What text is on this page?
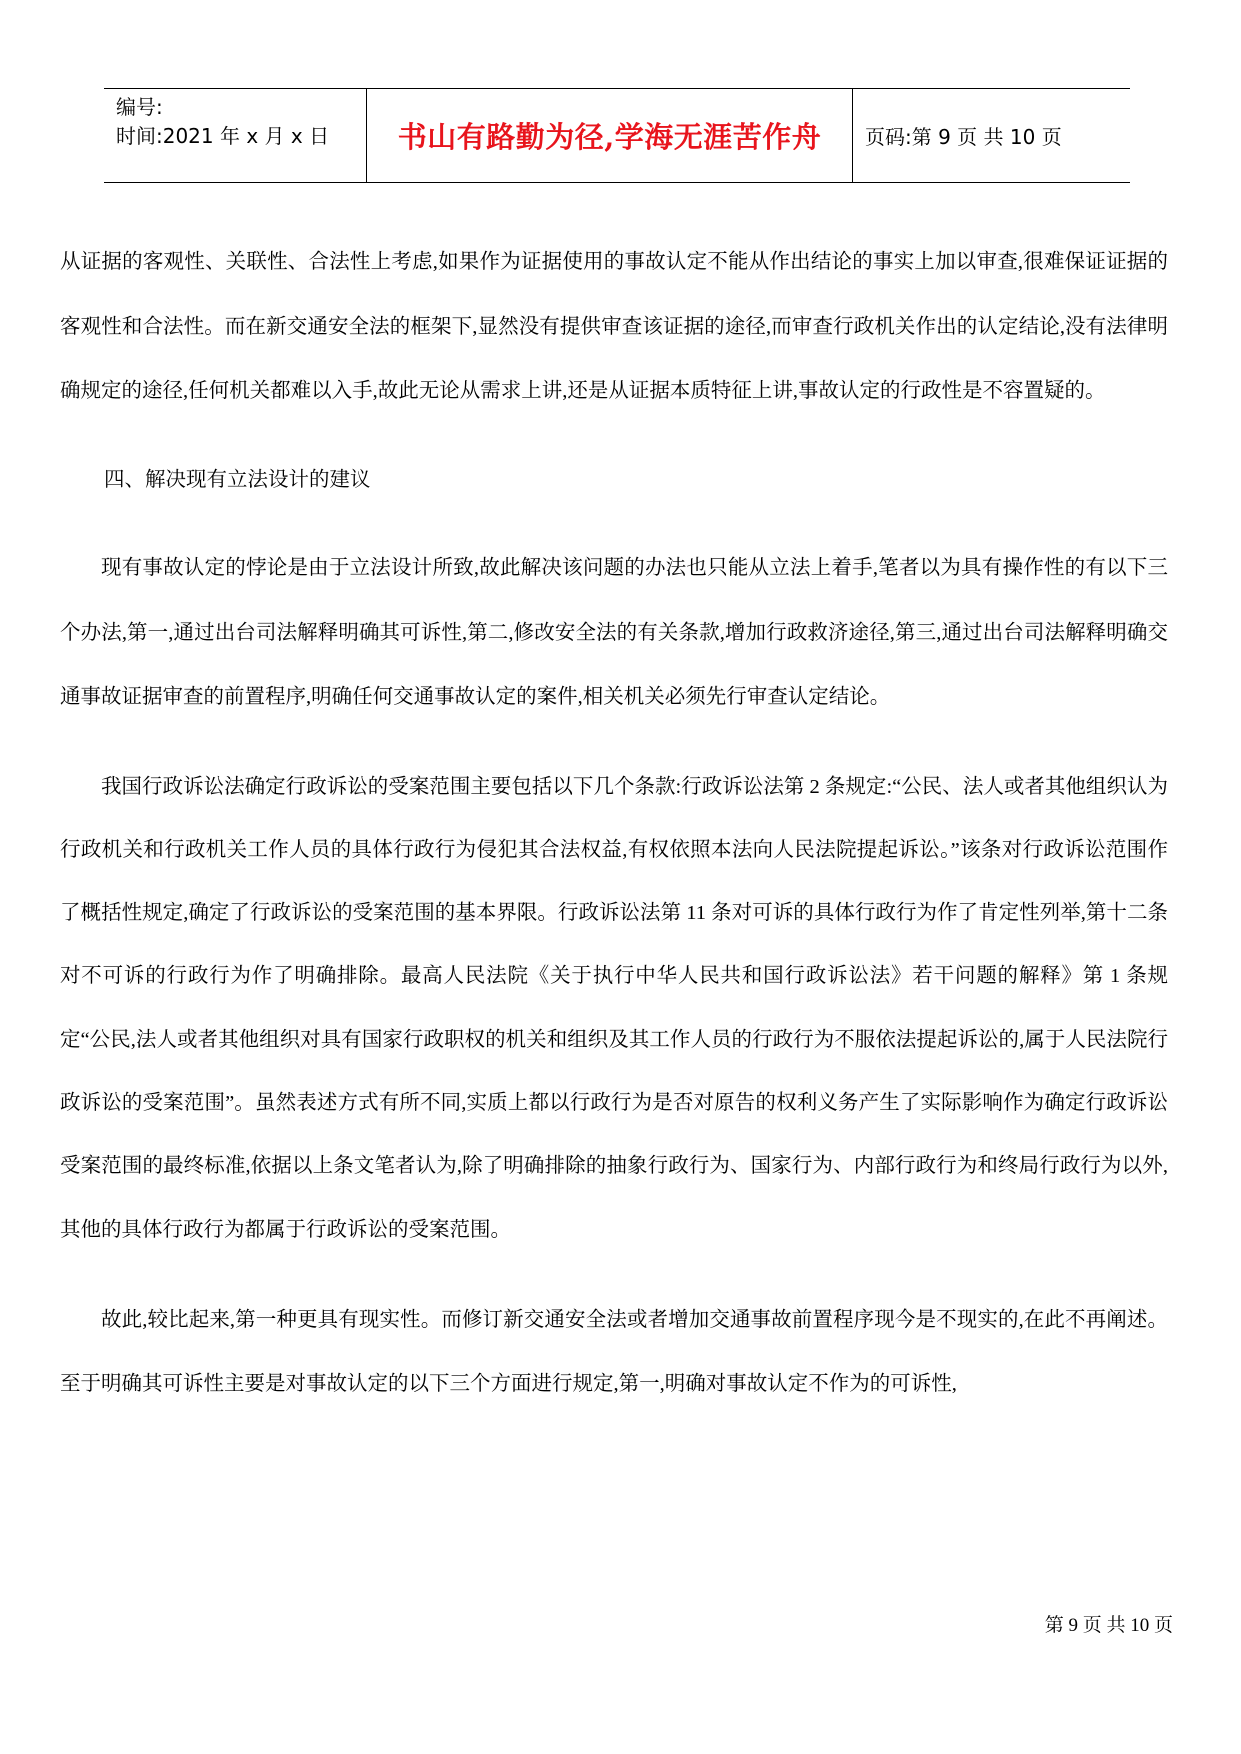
编号:
时间:2021 年 x 月 x 日 书山有路勤为径,学海无涯苦作舟 页码:第 9 页 共 10 页

从证据的客观性、关联性、合法性上考虑,如果作为证据使用的事故认定不能从作出结论的事实上加以审查,很难保证证据的客观性和合法性。而在新交通安全法的框架下,显然没有提供审查该证据的途径,而审查行政机关作出的认定结论,没有法律明确规定的途径,任何机关都难以入手,故此无论从需求上讲,还是从证据本质特征上讲,事故认定的行政性是不容置疑的。

四、解决现有立法设计的建议

现有事故认定的悖论是由于立法设计所致,故此解决该问题的办法也只能从立法上着手,笔者以为具有操作性的有以下三个办法,第一,通过出台司法解释明确其可诉性,第二,修改安全法的有关条款,增加行政救济途径,第三,通过出台司法解释明确交通事故证据审查的前置程序,明确任何交通事故认定的案件,相关机关必须先行审查认定结论。

我国行政诉讼法确定行政诉讼的受案范围主要包括以下几个条款:行政诉讼法第 2 条规定:“公民、法人或者其他组织认为行政机关和行政机关工作人员的具体行政行为侵犯其合法权益,有权依照本法向人民法院提起诉讼。”该条对行政诉讼范围作了概括性规定,确定了行政诉讼的受案范围的基本界限。行政诉讼法第 11 条对可诉的具体行政行为作了肯定性列举,第十二条对不可诉的行政行为作了明确排除。最高人民法院《关于执行中华人民共和国行政诉讼法》若干问题的解释》第 1 条规定“公民,法人或者其他组织对具有国家行政职权的机关和组织及其工作人员的行政行为不服依法提起诉讼的,属于人民法院行政诉讼的受案范围”。虽然表述方式有所不同,实质上都以行政行为是否对原告的权利义务产生了实际影响作为确定行政诉讼受案范围的最终标准,依据以上条文笔者认为,除了明确排除的抽象行政行为、国家行为、内部行政行为和终局行政行为以外,其他的具体行政行为都属于行政诉讼的受案范围。

故此,较比起来,第一种更具有现实性。而修订新交通安全法或者增加交通事故前置程序现今是不现实的,在此不再阐述。至于明确其可诉性主要是对事故认定的以下三个方面进行规定,第一,明确对事故认定不作为的可诉性,

第 9 页 共 10 页
